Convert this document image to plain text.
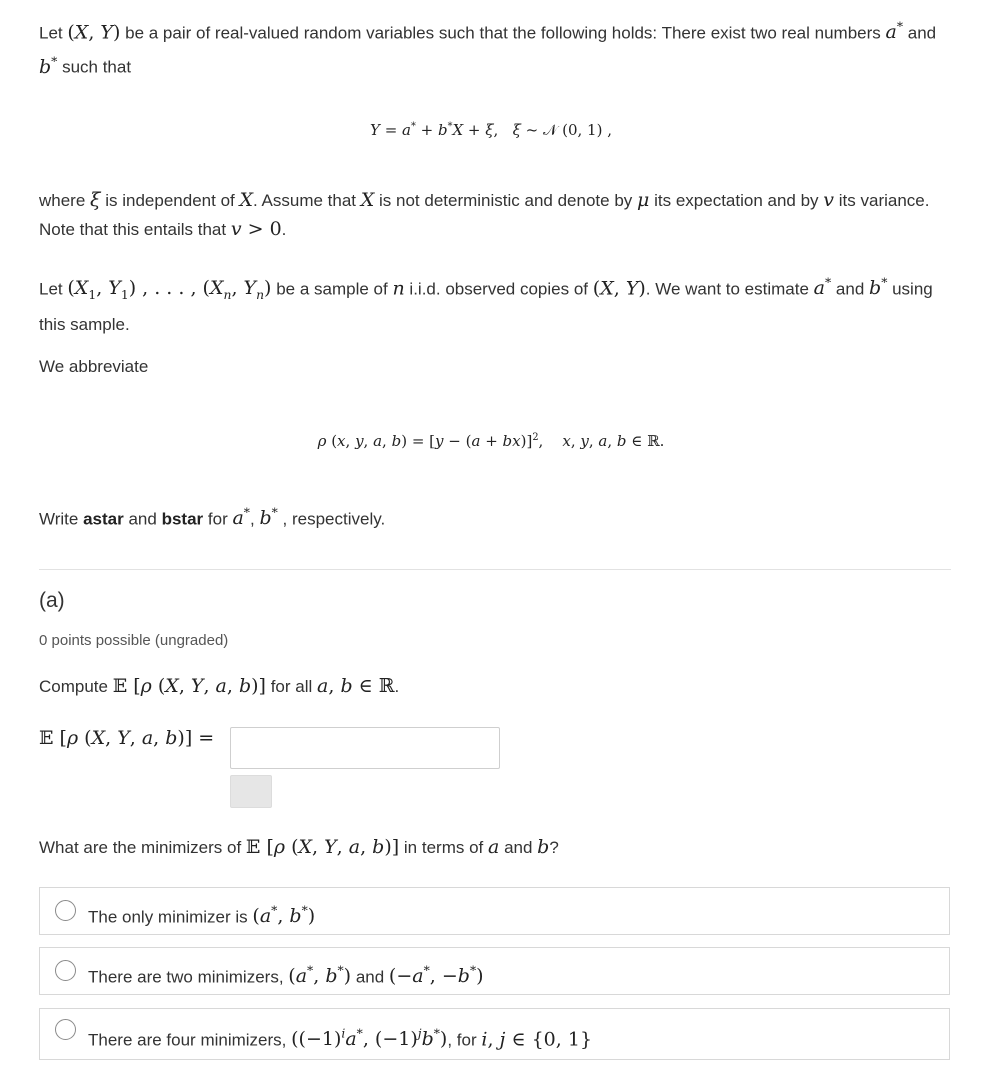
Let (X, Y) be a pair of real-valued random variables such that the following holds: There exist two real numbers a* and b* such that

Y = a* + b*X + ξ,   ξ ~ 𝒩 (0, 1) ,

where ξ is independent of X. Assume that X is not deterministic and denote by μ its expectation and by v its variance. Note that this entails that v > 0.

Let ($X_1$, $Y_1$) , . . . , ($X_n$, $Y_n$) be a sample of n i.i.d. observed copies of (X, Y). We want to estimate a* and b* using this sample.

We abbreviate

ρ (x, y, a, $b) = [y - (a + bx)]^2$,    x, y, a, b ∈ ℝ.

Write astar and bstar for a*, b* , respectively.

(a)
0 points possible (ungraded)

Compute 𝔼 [ρ (X, Y, a, b)] for all a, b ∈ ℝ.

𝔼 [ρ (X, Y, a, b)] =

What are the minimizers of 𝔼 [ρ (X, Y, a, b)] in terms of a and b?

The only minimizer is (a*, b*)
There are two minimizers, (a*, b*) and (−a*, −b*)
There are four minimizers, ($(-1)^ia^*$, $(-1)^jb^*$), for i, j ∈ {0, 1}
